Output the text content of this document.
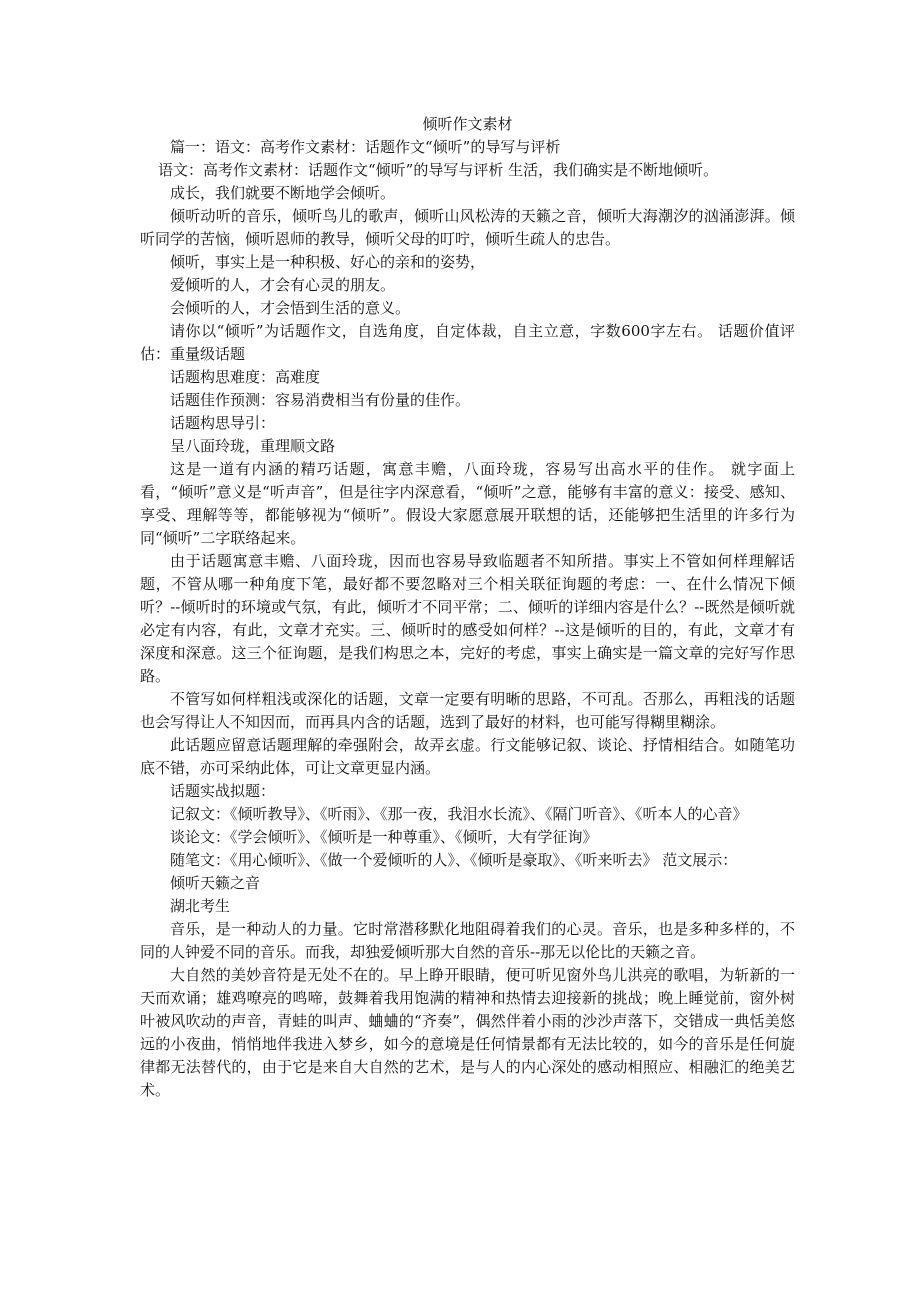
倾听作文素材

篇一：语文：高考作文素材：话题作文“倾听”的导写与评析

语文：高考作文素材：话题作文“倾听”的导写与评析 生活，我们确实是不断地倾听。

成长，我们就要不断地学会倾听。

倾听动听的音乐，倾听鸟儿的歌声，倾听山风松涛的天籁之音，倾听大海潮汐的汹涌澎湃。倾听同学的苦恼，倾听恩师的教导，倾听父母的叮咛，倾听生疏人的忠告。

倾听，事实上是一种积极、好心的亲和的姿势，

爱倾听的人，才会有心灵的朋友。

会倾听的人，才会悟到生活的意义。

请你以“倾听”为话题作文，自选角度，自定体裁，自主立意，字数600字左右。 话题价值评估：重量级话题

话题构思难度：高难度

话题佳作预测：容易消费相当有份量的佳作。

话题构思导引：

呈八面玲珑，重理顺文路

这是一道有内涵的精巧话题，寓意丰赡，八面玲珑，容易写出高水平的佳作。 就字面上看，“倾听”意义是“听声音”，但是往字内深意看，“倾听”之意，能够有丰富的意义：接受、感知、享受、理解等等，都能够视为“倾听”。假设大家愿意展开联想的话，还能够把生活里的许多行为同“倾听”二字联络起来。

由于话题寓意丰赡、八面玲珑，因而也容易导致临题者不知所措。事实上不管如何样理解话题，不管从哪一种角度下笔，最好都不要忽略对三个相关联征询题的考虑：一、在什么情况下倾听？--倾听时的环境或气氛，有此，倾听才不同平常；二、倾听的详细内容是什么？--既然是倾听就必定有内容，有此，文章才充实。三、倾听时的感受如何样？--这是倾听的目的，有此，文章才有深度和深意。这三个征询题，是我们构思之本，完好的考虑，事实上确实是一篇文章的完好写作思路。

不管写如何样粗浅或深化的话题，文章一定要有明晰的思路，不可乱。否那么，再粗浅的话题也会写得让人不知因而，而再具内含的话题，选到了最好的材料，也可能写得糊里糊涂。

此话题应留意话题理解的牵强附会，故弄玄虚。行文能够记叙、谈论、抒情相结合。如随笔功底不错，亦可采纳此体，可让文章更显内涵。

话题实战拟题：

记叙文：《倾听教导》、《听雨》、《那一夜，我泪水长流》、《隔门听音》、《听本人的心音》

谈论文：《学会倾听》、《倾听是一种尊重》、《倾听，大有学征询》

随笔文：《用心倾听》、《做一个爱倾听的人》、《倾听是豪取》、《听来听去》 范文展示：

倾听天籁之音

湖北考生

音乐，是一种动人的力量。它时常潜移默化地阻碍着我们的心灵。音乐，也是多种多样的，不同的人钟爱不同的音乐。而我，却独爱倾听那大自然的音乐--那无以伦比的天籁之音。

大自然的美妙音符是无处不在的。早上睁开眼睛，便可听见窗外鸟儿洪亮的歌唱，为斩新的一天而欢诵；雄鸡嘹亮的鸣啼，鼓舞着我用饱满的精神和热情去迎接新的挑战；晚上睡觉前，窗外树叶被风吹动的声音，青蛙的叫声、蛐蛐的“齐奏”，偶然伴着小雨的沙沙声落下，交错成一典恬美悠远的小夜曲，悄悄地伴我进入梦乡，如今的意境是任何情景都有无法比较的，如今的音乐是任何旋律都无法替代的，由于它是来自大自然的艺术，是与人的内心深处的感动相照应、相融汇的绝美艺术。
